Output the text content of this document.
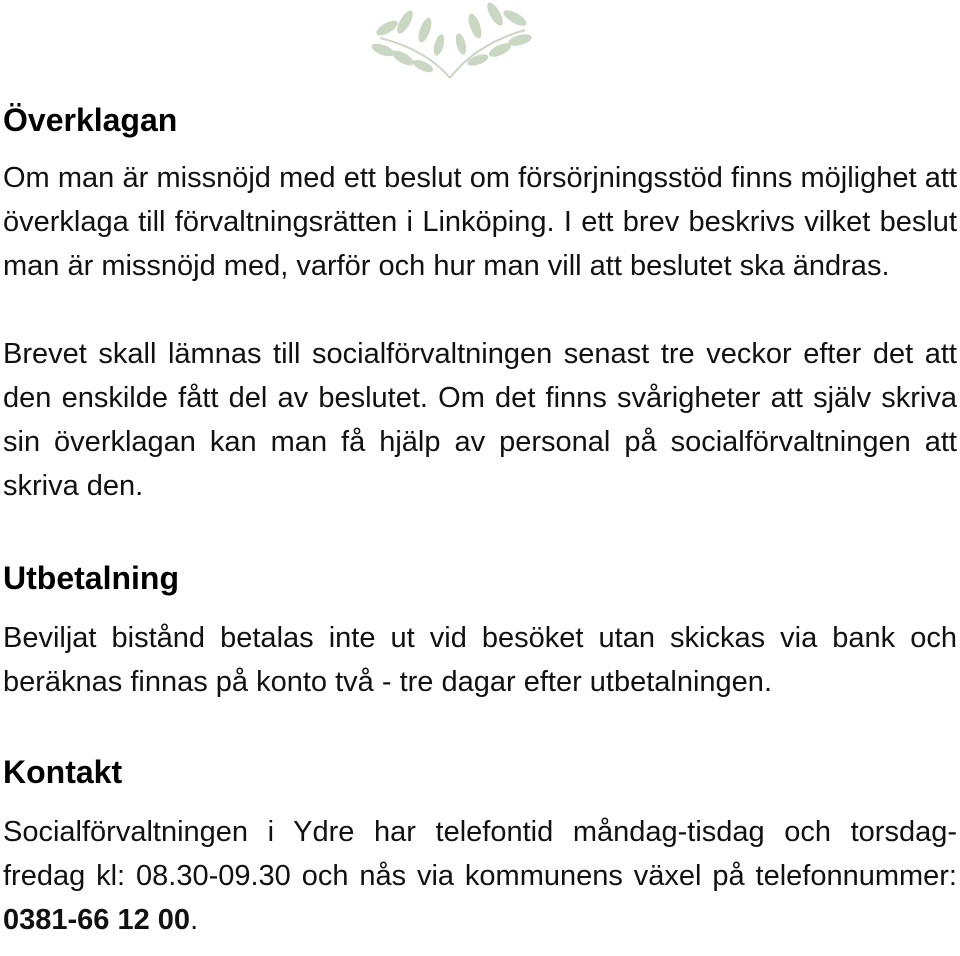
Överklagan

Om man är missnöjd med ett beslut om försörjningsstöd finns möjlighet att överklaga till förvaltningsrätten i Linköping. I ett brev beskrivs vilket beslut man är missnöjd med, varför och hur man vill att beslutet ska ändras.

Brevet skall lämnas till socialförvaltningen senast tre veckor efter det att den enskilde fått del av beslutet. Om det finns svårigheter att själv skriva sin överklagan kan man få hjälp av personal på socialförvaltningen att skriva den.

Utbetalning

Beviljat bistånd betalas inte ut vid besöket utan skickas via bank och beräknas finnas på konto två - tre dagar efter utbetalningen.

Kontakt

Socialförvaltningen i Ydre har telefontid måndag-tisdag och torsdag-fredag kl: 08.30-09.30 och nås via kommunens växel på telefonnummer: 0381-66 12 00.
